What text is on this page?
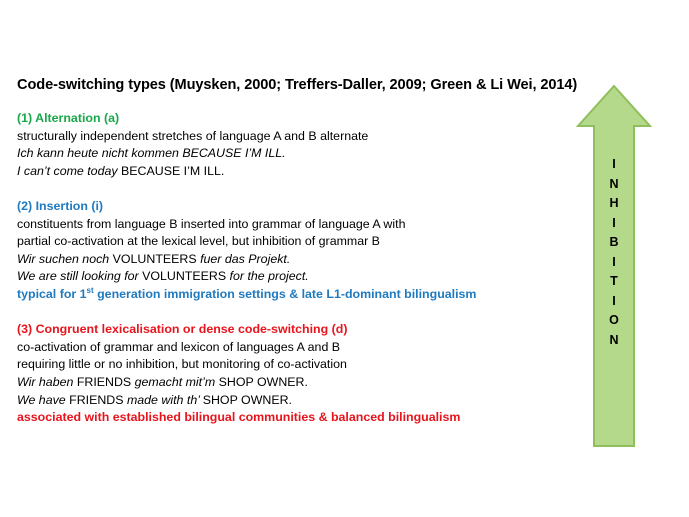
Code-switching types (Muysken, 2000; Treffers-Daller, 2009; Green & Li Wei, 2014)
(1) Alternation (a)
structurally independent stretches of language A and B alternate
Ich kann heute nicht kommen BECAUSE I’M ILL.
I can’t come today BECAUSE I’M ILL.
(2) Insertion (i)
constituents from language B inserted into grammar of language A with
partial co-activation at the lexical level, but inhibition of grammar B
Wir suchen noch VOLUNTEERS fuer das Projekt.
We are still looking for VOLUNTEERS for the project.
typical for 1st generation immigration settings & late L1-dominant bilingualism
(3) Congruent lexicalisation or dense code-switching (d)
co-activation of grammar and lexicon of languages A and B
requiring little or no inhibition, but monitoring of co-activation
Wir haben FRIENDS gemacht mit’m SHOP OWNER.
We have FRIENDS made with th’ SHOP OWNER.
associated with established bilingual communities & balanced bilingualism
I
N
H
I
B
I
T
I
O
N
